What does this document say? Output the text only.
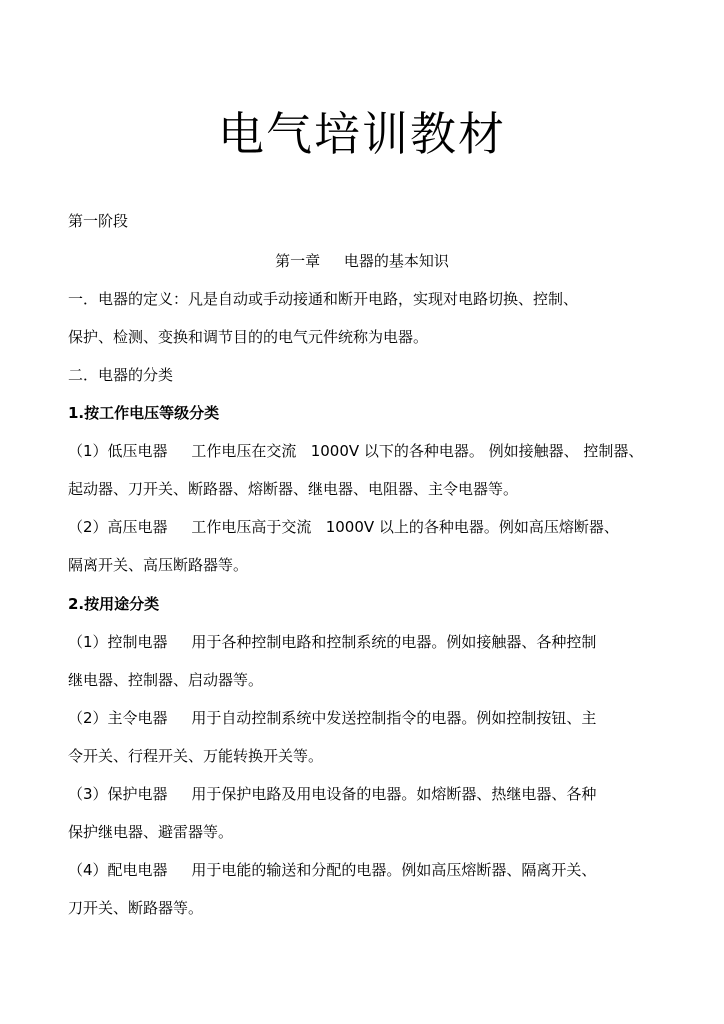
电气培训教材
第一阶段
第一章     电器的基本知识
一．电器的定义：凡是自动或手动接通和断开电路，实现对电路切换、控制、
保护、检测、变换和调节目的的电气元件统称为电器。
二．电器的分类
1.按工作电压等级分类
（1）低压电器     工作电压在交流   1000V 以下的各种电器。 例如接触器、 控制器、
起动器、刀开关、断路器、熔断器、继电器、电阻器、主令电器等。
（2）高压电器     工作电压高于交流   1000V 以上的各种电器。例如高压熔断器、
隔离开关、高压断路器等。
2.按用途分类
（1）控制电器     用于各种控制电路和控制系统的电器。例如接触器、各种控制
继电器、控制器、启动器等。
（2）主令电器     用于自动控制系统中发送控制指令的电器。例如控制按钮、主
令开关、行程开关、万能转换开关等。
（3）保护电器     用于保护电路及用电设备的电器。如熔断器、热继电器、各种
保护继电器、避雷器等。
（4）配电电器     用于电能的输送和分配的电器。例如高压熔断器、隔离开关、
刀开关、断路器等。
